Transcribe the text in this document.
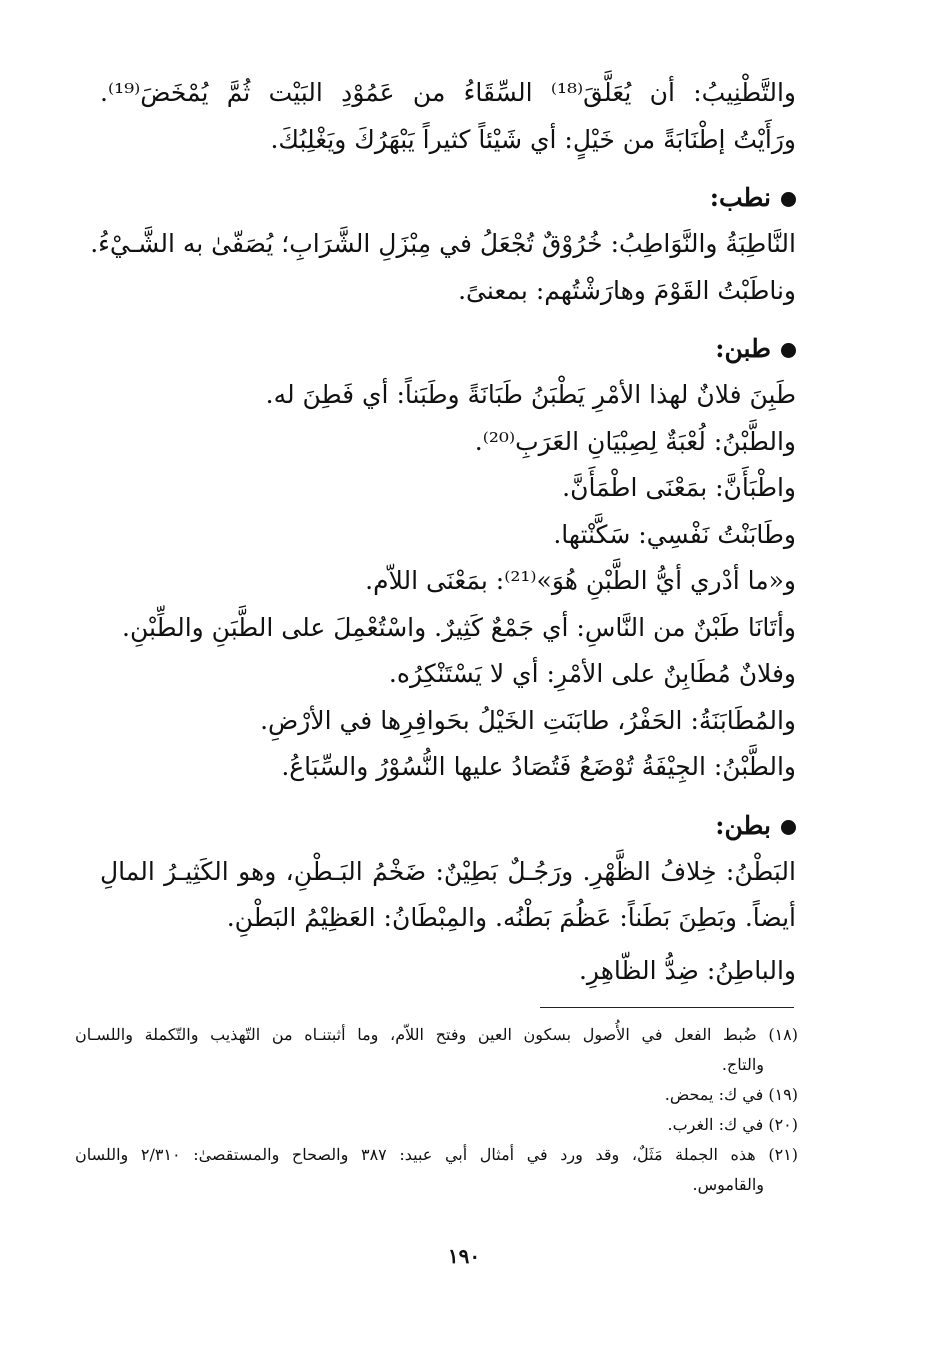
والتَّطْنِيبُ: أن يُعَلَّقَ⁽¹⁸⁾ السِّقَاءُ من عَمُوْدِ البَيْت ثُمَّ يُمْخَضَ⁽¹⁹⁾.

ورَأَيْتُ إطْنَابَةً من خَيْلٍ: أي شَيْئاً كثيراً يَبْهَرُكَ ويَغْلِبُكَ.

نطب:

النَّاطِبَةُ والنَّوَاطِبُ: خُرُوْقٌ تُجْعَلُ في مِبْزَلِ الشَّرَابِ؛ يُصَفّىٰ به الشَّـيْءُ.

وناطَبْتُ القَوْمَ وهارَشْتُهم: بمعنىً.

طبن:

طَبِنَ فلانٌ لهذا الأمْرِ يَطْبَنُ طَبَانَةً وطَبَناً: أي فَطِنَ له.

والطَّبْنُ: لُعْبَةٌ لِصِبْيَانِ العَرَبِ⁽²⁰⁾.

واطْبَأَنَّ: بمَعْنَى اطْمَأَنَّ.

وطَابَنْتُ نَفْسِي: سَكَّنْتها.

و«ما أدْري أيُّ الطَّبْنِ هُوَ»⁽²¹⁾: بمَعْنَى اللاّم.

وأتَانَا طَبْنٌ من النَّاسِ: أي جَمْعٌ كَثِيرٌ. واسْتُعْمِلَ على الطَّبَنِ والطِّبْنِ.

وفلانٌ مُطَابِنٌ على الأمْرِ: أي لا يَسْتَنْكِرُه.

والمُطَابَنَةُ: الحَفْرُ، طابَنَتِ الخَيْلُ بحَوافِرِها في الأرْضِ.

والطَّبْنُ: الجِيْفَةُ تُوْضَعُ فَتُصَادُ عليها النُّسُوْرُ والسِّبَاعُ.

بطن:

البَطْنُ: خِلافُ الظَّهْرِ. ورَجُـلٌ بَطِيْنٌ: ضَخْمُ البَـطْنِ، وهو الكَثِيـرُ المالِ

أيضاً. وبَطِنَ بَطَناً: عَظُمَ بَطْنُه. والمِبْطَانُ: العَظِيْمُ البَطْنِ.

والباطِنُ: ضِدُّ الظّاهِرِ.

(١٨) ضُبط الفعل في الأُصول بسكون العين وفتح اللاّم، وما أثبتنـاه من التّهذيب والتّكملة واللسـان

والتاج.

(١٩) في ك: يمحض.

(٢٠) في ك: الغرب.

(٢١) هذه الجملة مَثَلٌ، وقد ورد في أمثال أبي عبيد: ٣٨٧ والصحاح والمستقصىٰ: ٢/٣١٠ واللسان

والقاموس.

١٩٠
